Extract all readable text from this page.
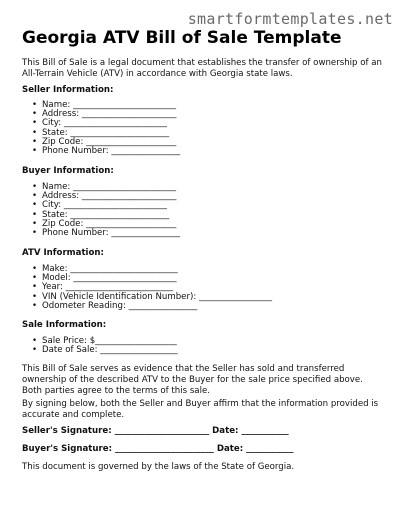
smartformtemplates.net
Georgia ATV Bill of Sale Template

This Bill of Sale is a legal document that establishes the transfer of ownership of an All-Terrain Vehicle (ATV) in accordance with Georgia state laws.

Seller Information:
• Name: ________________________
• Address: ______________________
• City: ________________________
• State: _______________________
• Zip Code: _____________________
• Phone Number: ________________
Buyer Information:
• Name: ________________________
• Address: ______________________
• City: ________________________
• State: _______________________
• Zip Code: _____________________
• Phone Number: ________________
ATV Information:
• Make: _________________________
• Model: ________________________
• Year: _________________________
• VIN (Vehicle Identification Number): _________________
• Odometer Reading: ________________
Sale Information:
• Sale Price: $___________________
• Date of Sale: __________________

This Bill of Sale serves as evidence that the Seller has sold and transferred ownership of the described ATV to the Buyer for the sale price specified above. Both parties agree to the terms of this sale.

By signing below, both the Seller and Buyer affirm that the information provided is accurate and complete.

Seller's Signature: ______________________ Date: ___________
Buyer's Signature: _______________________ Date: ___________
This document is governed by the laws of the State of Georgia.
